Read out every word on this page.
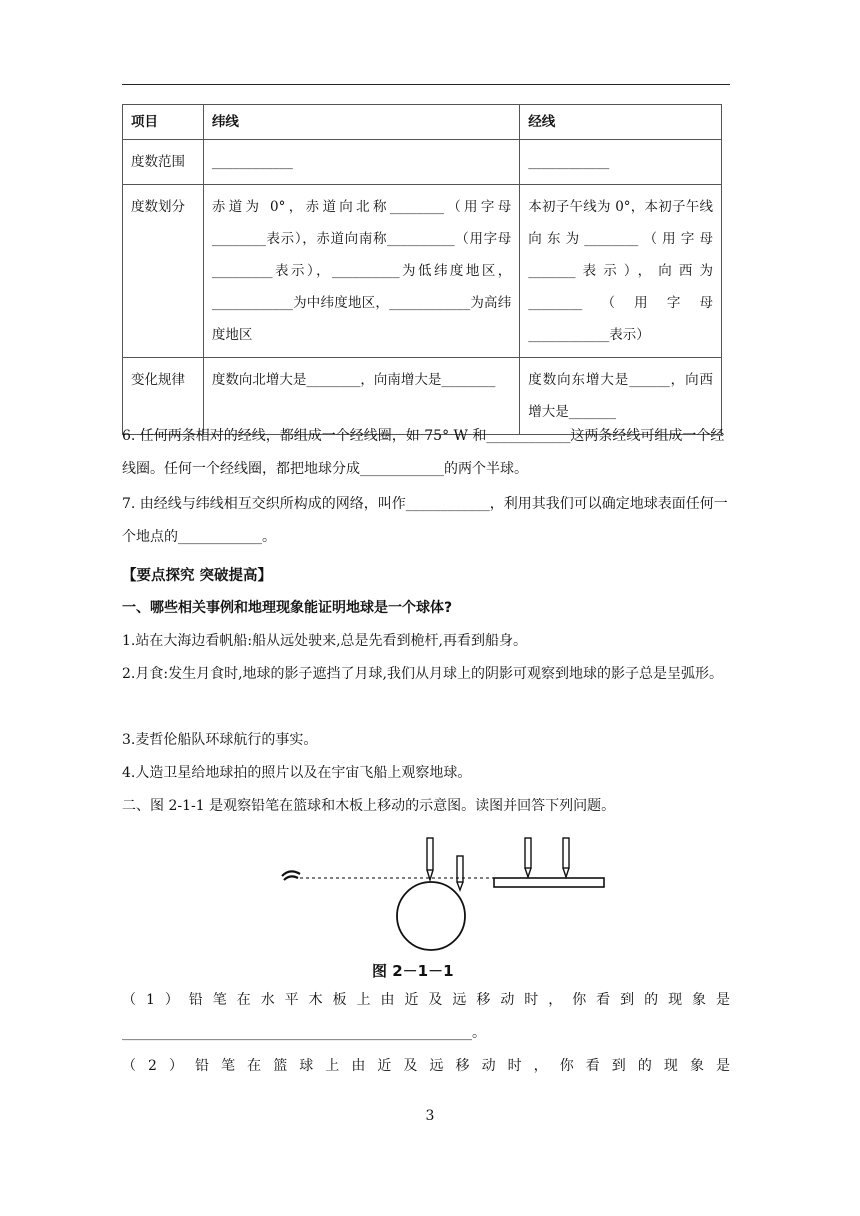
项目	纬线	经线
度数范围	____________	____________
度数划分	赤道为 0°，赤道向北称________（用字母________表示），赤道向南称__________（用字母_________表示），__________为低纬度地区，____________为中纬度地区，____________为高纬度地区	本初子午线为 0°，本初子午线向东为________（用字母_______表示），向西为________（用字母____________表示）
变化规律	度数向北增大是________，向南增大是________	度数向东增大是______，向西增大是_______

6. 任何两条相对的经线，都组成一个经线圈，如 75° W 和____________这两条经线可组成一个经线圈。任何一个经线圈，都把地球分成____________的两个半球。

7. 由经线与纬线相互交织所构成的网络，叫作____________，利用其我们可以确定地球表面任何一个地点的____________。

【要点探究 突破提高】

一、哪些相关事例和地理现象能证明地球是一个球体?

1.站在大海边看帆船:船从远处驶来,总是先看到桅杆,再看到船身。

2.月食:发生月食时,地球的影子遮挡了月球,我们从月球上的阴影可观察到地球的影子总是呈弧形。

3.麦哲伦船队环球航行的事实。

4.人造卫星给地球拍的照片以及在宇宙飞船上观察地球。

二、图 2-1-1 是观察铅笔在篮球和木板上移动的示意图。读图并回答下列问题。

图 2－1－1

（1）铅笔在水平木板上由近及远移动时，你看到的现象是

__________________________________________________。

（2）铅笔在篮球上由近及远移动时，你看到的现象是

3
